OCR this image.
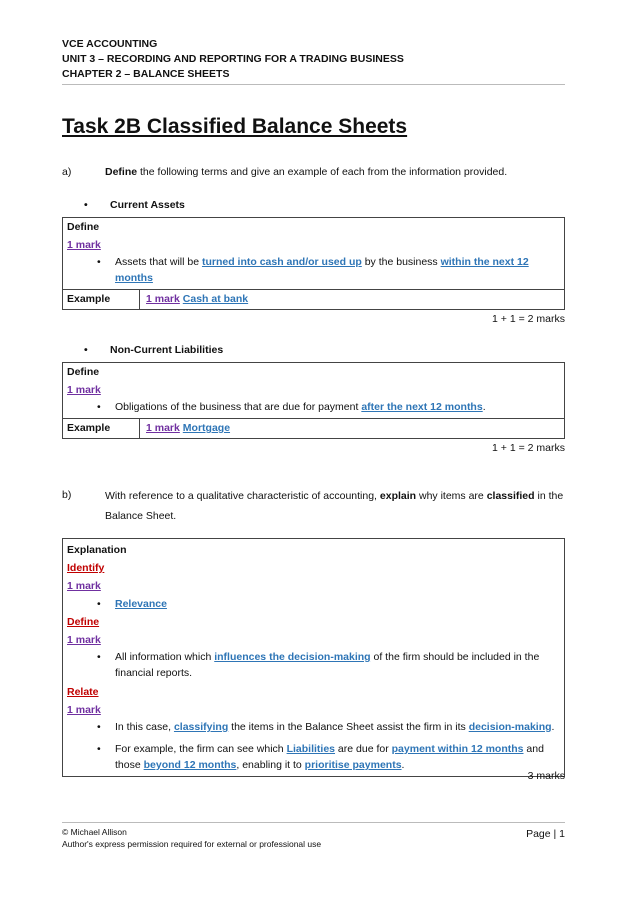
VCE ACCOUNTING
UNIT 3 – RECORDING AND REPORTING FOR A TRADING BUSINESS
CHAPTER 2 – BALANCE SHEETS
Task 2B Classified Balance Sheets
a)	Define the following terms and give an example of each from the information provided.
• Current Assets
Define
1 mark
• Assets that will be turned into cash and/or used up by the business within the next 12 months
Example	1 mark Cash at bank
1 + 1 = 2 marks
• Non-Current Liabilities
Define
1 mark
• Obligations of the business that are due for payment after the next 12 months.
Example	1 mark Mortgage
1 + 1 = 2 marks
b)	With reference to a qualitative characteristic of accounting, explain why items are classified in the Balance Sheet.
Explanation
Identify
1 mark
• Relevance
Define
1 mark
• All information which influences the decision-making of the firm should be included in the financial reports.
Relate
1 mark
• In this case, classifying the items in the Balance Sheet assist the firm in its decision-making.
• For example, the firm can see which Liabilities are due for payment within 12 months and those beyond 12 months, enabling it to prioritise payments.
3 marks
© Michael Allison
Author's express permission required for external or professional use
Page | 1
